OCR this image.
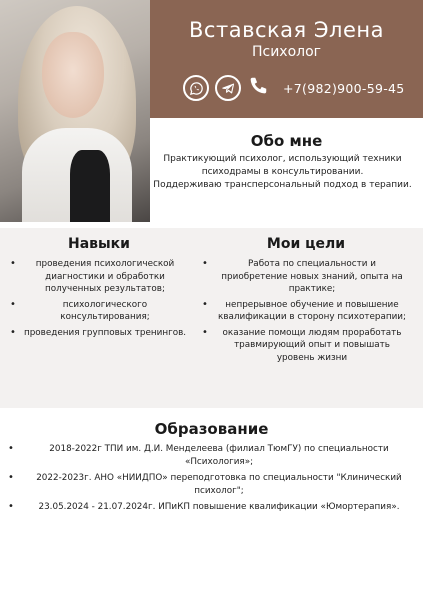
Вставская Элена
Психолог
+7(982)900-59-45
Обо мне
Практикующий психолог, использующий техники
психодрамы в консультировании.
Поддерживаю трансперсональный подход в терапии.
Навыки
• проведения психологической диагностики и обработки полученных результатов;
• психологического консультирования;
• проведения групповых тренингов.
Мои цели
• Работа по специальности и приобретение новых знаний, опыта на практике;
• непрерывное обучение и повышение квалификации в сторону психотерапии;
• оказание помощи людям проработать травмирующий опыт и повышать уровень жизни
Образование
• 2018-2022г ТПИ им. Д.И. Менделеева (филиал ТюмГУ) по специальности «Психология»;
• 2022-2023г. АНО «НИИДПО» переподготовка по специальности "Клинический психолог";
• 23.05.2024 - 21.07.2024г. ИПиКП повышение квалификации «Юмортерапия».
